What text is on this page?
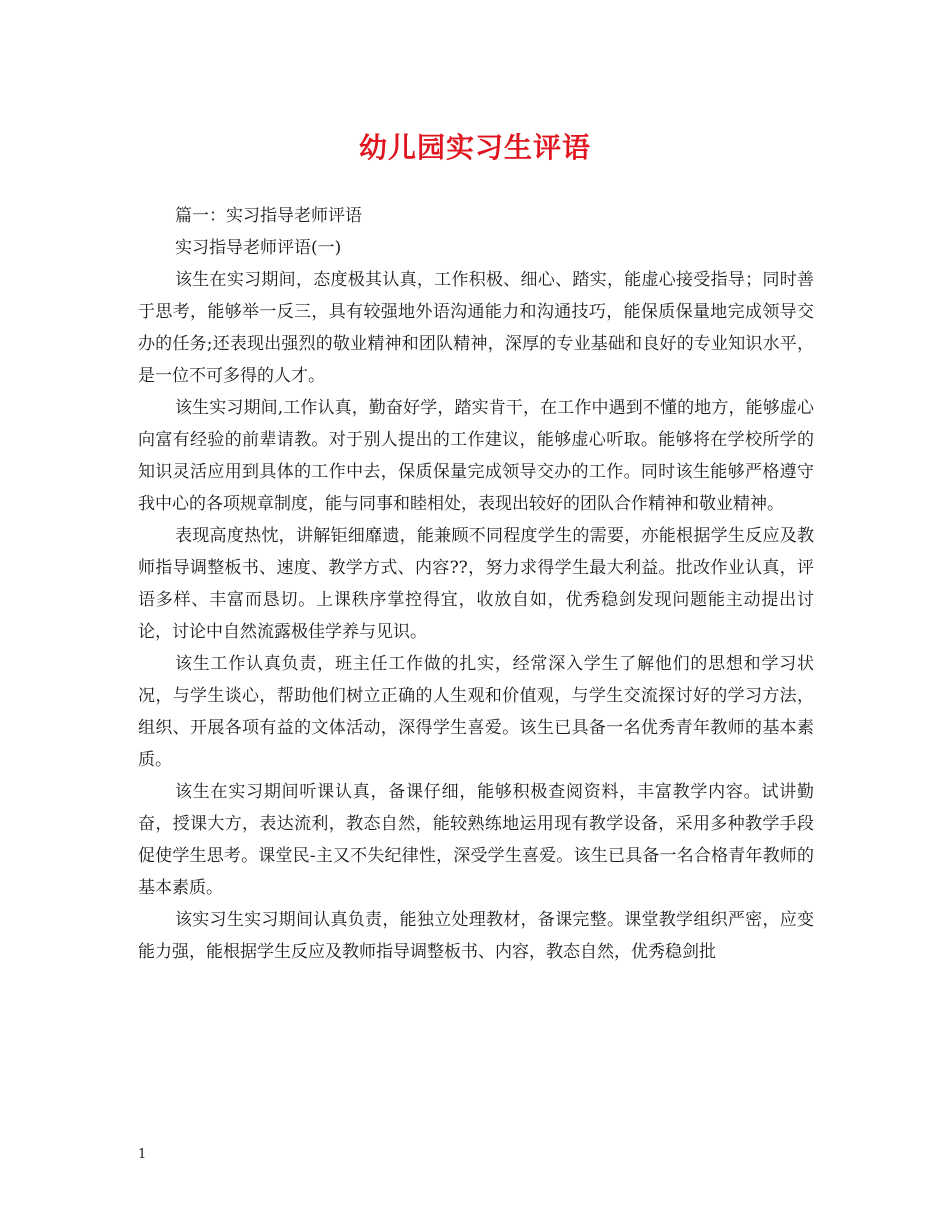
幼儿园实习生评语

篇一：实习指导老师评语

实习指导老师评语(一)

该生在实习期间，态度极其认真，工作积极、细心、踏实，能虚心接受指导；同时善于思考，能够举一反三，具有较强地外语沟通能力和沟通技巧，能保质保量地完成领导交办的任务;还表现出强烈的敬业精神和团队精神，深厚的专业基础和良好的专业知识水平，是一位不可多得的人才。

该生实习期间,工作认真，勤奋好学，踏实肯干，在工作中遇到不懂的地方，能够虚心向富有经验的前辈请教。对于别人提出的工作建议，能够虚心听取。能够将在学校所学的知识灵活应用到具体的工作中去，保质保量完成领导交办的工作。同时该生能够严格遵守我中心的各项规章制度，能与同事和睦相处，表现出较好的团队合作精神和敬业精神。

表现高度热忱，讲解钜细靡遗，能兼顾不同程度学生的需要，亦能根据学生反应及教师指导调整板书、速度、教学方式、内容??，努力求得学生最大利益。批改作业认真，评语多样、丰富而恳切。上课秩序掌控得宜，收放自如，优秀稳剑发现问题能主动提出讨论，讨论中自然流露极佳学养与见识。

该生工作认真负责，班主任工作做的扎实，经常深入学生了解他们的思想和学习状况，与学生谈心，帮助他们树立正确的人生观和价值观，与学生交流探讨好的学习方法，组织、开展各项有益的文体活动，深得学生喜爱。该生已具备一名优秀青年教师的基本素质。

该生在实习期间听课认真，备课仔细，能够积极查阅资料，丰富教学内容。试讲勤奋，授课大方，表达流利，教态自然，能较熟练地运用现有教学设备，采用多种教学手段促使学生思考。课堂民-主又不失纪律性，深受学生喜爱。该生已具备一名合格青年教师的基本素质。

该实习生实习期间认真负责，能独立处理教材，备课完整。课堂教学组织严密，应变能力强，能根据学生反应及教师指导调整板书、内容，教态自然，优秀稳剑批

1
